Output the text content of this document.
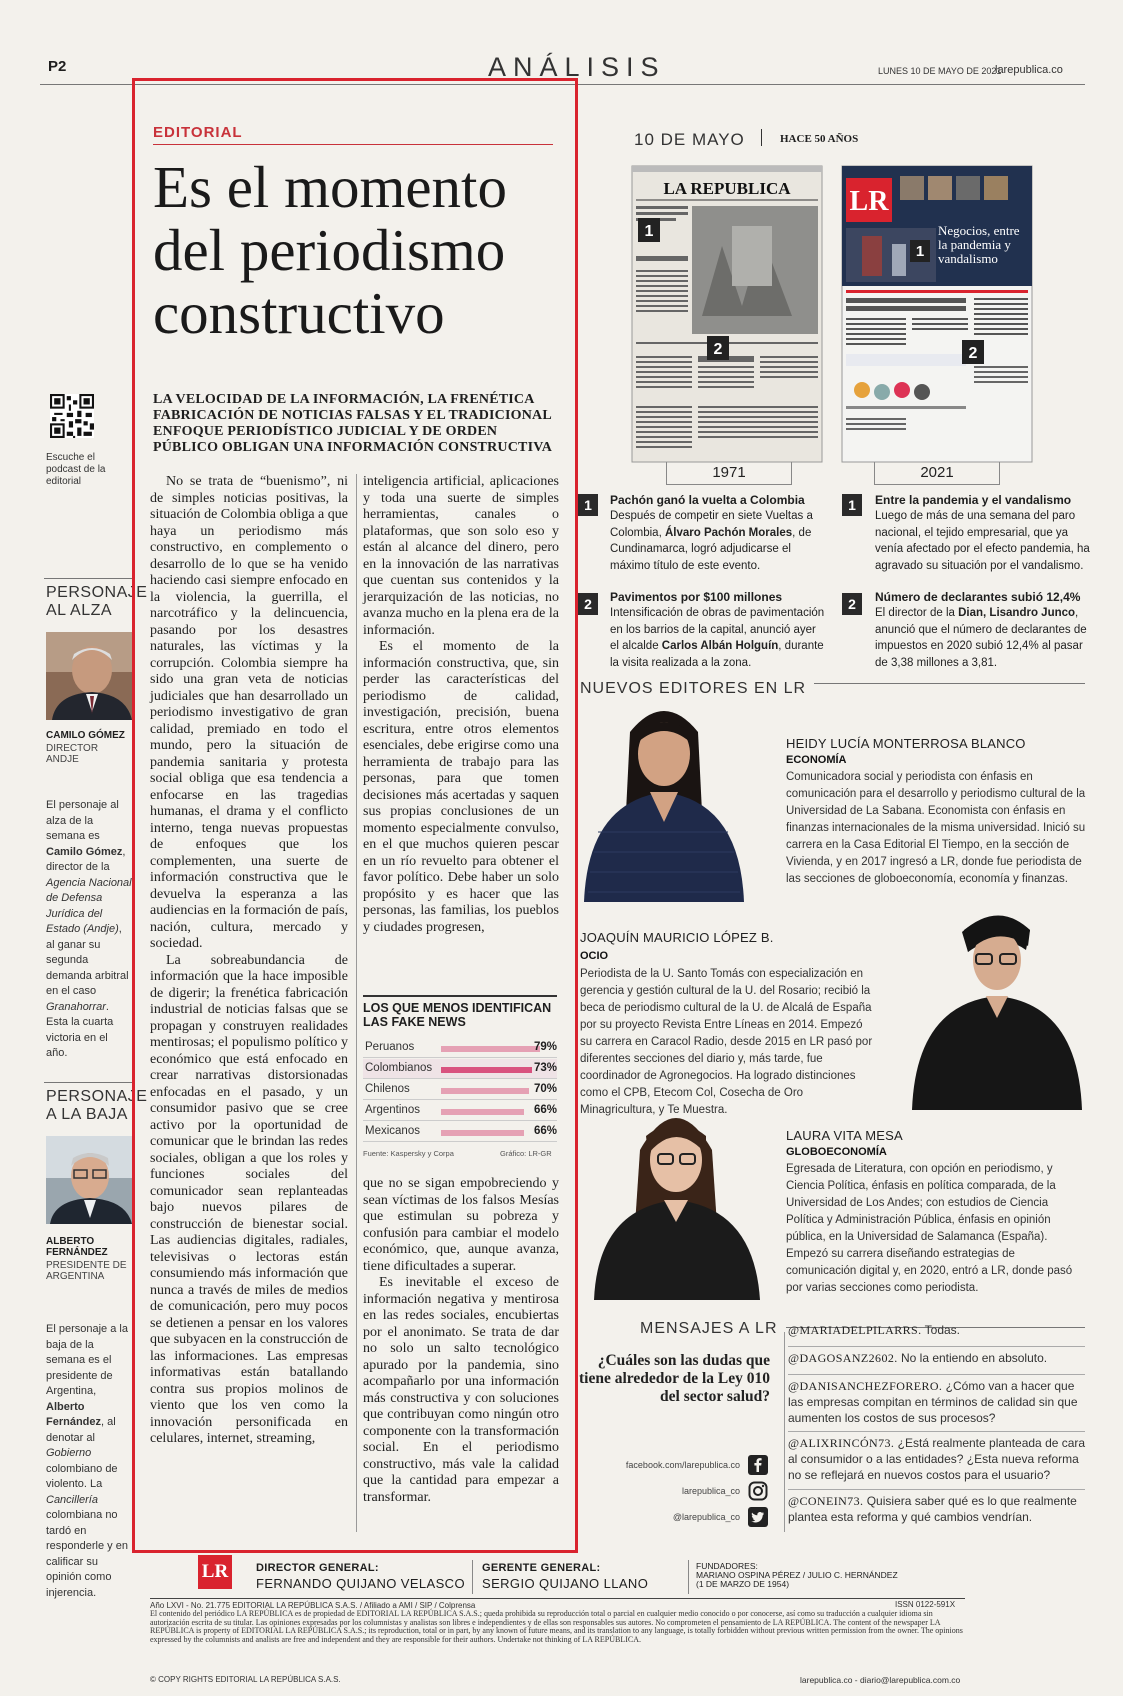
P2	ANÁLISIS	LUNES 10 DE MAYO DE 2021
larepublica.co
Escuche el podcast de la editorial
PERSONAJE AL ALZA
CAMILO GÓMEZ
DIRECTOR ANDJE
El personaje al alza de la semana es Camilo Gómez, director de la Agencia Nacional de Defensa Jurídica del Estado (Andje), al ganar su segunda demanda arbitral en el caso Granahorrar. Esta la cuarta victoria en el año.
PERSONAJE A LA BAJA
ALBERTO FERNÁNDEZ
PRESIDENTE DE ARGENTINA
El personaje a la baja de la semana es el presidente de Argentina, Alberto Fernández, al denotar al Gobierno colombiano de violento. La Cancillería colombiana no tardó en responderle y en calificar su opinión como injerencia.
EDITORIAL
Es el momento del periodismo constructivo
LA VELOCIDAD DE LA INFORMACIÓN, LA FRENÉTICA FABRICACIÓN DE NOTICIAS FALSAS Y EL TRADICIONAL ENFOQUE PERIODÍSTICO JUDICIAL Y DE ORDEN PÚBLICO OBLIGAN UNA INFORMACIÓN CONSTRUCTIVA

No se trata de “buenismo”, ni de simples noticias positivas, la situación de Colombia obliga a que haya un periodismo más constructivo, en complemento o desarrollo de lo que se ha venido haciendo casi siempre enfocado en la violencia, la guerrilla, el narcotráfico y la delincuencia, pasando por los desastres naturales, las víctimas y la corrupción. Colombia siempre ha sido una gran veta de noticias judiciales que han desarrollado un periodismo investigativo de gran calidad, premiado en todo el mundo, pero la situación de pandemia sanitaria y protesta social obliga que esa tendencia a enfocarse en las tragedias humanas, el drama y el conflicto interno, tenga nuevas propuestas de enfoques que los complementen, una suerte de información constructiva que le devuelva la esperanza a las audiencias en la formación de país, nación, cultura, mercado y sociedad.

La sobreabundancia de información que la hace imposible de digerir; la frenética fabricación industrial de noticias falsas que se propagan y construyen realidades mentirosas; el populismo político y económico que está enfocado en crear narrativas distorsionadas enfocadas en el pasado, y un consumidor pasivo que se cree activo por la oportunidad de comunicar que le brindan las redes sociales, obligan a que los roles y funciones sociales del comunicador sean replanteadas bajo nuevos pilares de construcción de bienestar social. Las audiencias digitales, radiales, televisivas o lectoras están consumiendo más información que nunca a través de miles de medios de comunicación, pero muy pocos se detienen a pensar en los valores que subyacen en la construcción de las informaciones. Las empresas informativas están batallando contra sus propios molinos de viento que los ven como la innovación personificada en celulares, internet, streaming,

inteligencia artificial, aplicaciones y toda una suerte de simples herramientas, canales o plataformas, que son solo eso y están al alcance del dinero, pero en la innovación de las narrativas que cuentan sus contenidos y la jerarquización de las noticias, no avanza mucho en la plena era de la información.

Es el momento de la información constructiva, que, sin perder las características del periodismo de calidad, investigación, precisión, buena escritura, entre otros elementos esenciales, debe erigirse como una herramienta de trabajo para las personas, para que tomen decisiones más acertadas y saquen sus propias conclusiones de un momento especialmente convulso, en el que muchos quieren pescar en un río revuelto para obtener el favor político. Debe haber un solo propósito y es hacer que las personas, las familias, los pueblos y ciudades progresen,

LOS QUE MENOS IDENTIFICAN LAS FAKE NEWS
Peruanos	79%
Colombianos	73%
Chilenos	70%
Argentinos	66%
Mexicanos	66%
Fuente: Kaspersky y Corpa	Gráfico: LR-GR

que no se sigan empobreciendo y sean víctimas de los falsos Mesías que estimulan su pobreza y confusión para cambiar el modelo económico, que, aunque avanza, tiene dificultades a superar.

Es inevitable el exceso de información negativa y mentirosa en las redes sociales, encubiertas por el anonimato. Se trata de dar no solo un salto tecnológico apurado por la pandemia, sino acompañarlo por una información más constructiva y con soluciones que contribuyan como ningún otro componente con la transformación social. En el periodismo constructivo, más vale la calidad que la cantidad para empezar a transformar.

10 DE MAYO	HACE 50 AÑOS
LA REPUBLICA
1
2
1971
LR
Negocios, entre la pandemia y vandalismo
1
2
2021
1	Pachón ganó la vuelta a Colombia
Después de competir en siete Vueltas a Colombia, Álvaro Pachón Morales, de Cundinamarca, logró adjudicarse el máximo título de este evento.
2	Pavimentos por $100 millones
Intensificación de obras de pavimentación en los barrios de la capital, anunció ayer el alcalde Carlos Albán Holguín, durante la visita realizada a la zona.
1	Entre la pandemia y el vandalismo
Luego de más de una semana del paro nacional, el tejido empresarial, que ya venía afectado por el efecto pandemia, ha agravado su situación por el vandalismo.
2	Número de declarantes subió 12,4%
El director de la Dian, Lisandro Junco, anunció que el número de declarantes de impuestos en 2020 subió 12,4% al pasar de 3,38 millones a 3,81.
NUEVOS EDITORES EN LR
HEIDY LUCÍA MONTERROSA BLANCO
ECONOMÍA
Comunicadora social y periodista con énfasis en comunicación para el desarrollo y periodismo cultural de la Universidad de La Sabana. Economista con énfasis en finanzas internacionales de la misma universidad. Inició su carrera en la Casa Editorial El Tiempo, en la sección de Vivienda, y en 2017 ingresó a LR, donde fue periodista de las secciones de globoeconomía, economía y finanzas.
JOAQUÍN MAURICIO LÓPEZ B.
OCIO
Periodista de la U. Santo Tomás con especialización en gerencia y gestión cultural de la U. del Rosario; recibió la beca de periodismo cultural de la U. de Alcalá de España por su proyecto Revista Entre Líneas en 2014. Empezó su carrera en Caracol Radio, desde 2015 en LR pasó por diferentes secciones del diario y, más tarde, fue coordinador de Agronegocios. Ha logrado distinciones como el CPB, Etecom Col, Cosecha de Oro Minagricultura, y Te Muestra.
LAURA VITA MESA
GLOBOECONOMÍA
Egresada de Literatura, con opción en periodismo, y Ciencia Política, énfasis en política comparada, de la Universidad de Los Andes; con estudios de Ciencia Política y Administración Pública, énfasis en opinión pública, en la Universidad de Salamanca (España). Empezó su carrera diseñando estrategias de comunicación digital y, en 2020, entró a LR, donde pasó por varias secciones como periodista.
MENSAJES A LR
¿Cuáles son las dudas que tiene alrededor de la Ley 010 del sector salud?
facebook.com/larepublica.co
larepublica_co
@larepublica_co
@MARIADELPILARRS. Todas.
@DAGOSANZ2602. No la entiendo en absoluto.
@DANISANCHEZFORERO. ¿Cómo van a hacer que las empresas compitan en términos de calidad sin que aumenten los costos de sus procesos?
@ALIXRINCÓN73. ¿Está realmente planteada de cara al consumidor o a las entidades? ¿Esta nueva reforma no se reflejará en nuevos costos para el usuario?
@CONEIN73. Quisiera saber qué es lo que realmente plantea esta reforma y qué cambios vendrían.
LR	DIRECTOR GENERAL:
FERNANDO QUIJANO VELASCO
GERENTE GENERAL:
SERGIO QUIJANO LLANO
FUNDADORES:
MARIANO OSPINA PÉREZ / JULIO C. HERNÁNDEZ
(1 DE MARZO DE 1954)
Año LXVI - No. 21.775 EDITORIAL LA REPÚBLICA S.A.S. / Afiliado a AMI / SIP / Colprensa	ISSN 0122-591X
El contenido del periódico LA REPÚBLICA es de propiedad de EDITORIAL LA REPÚBLICA S.A.S.; queda prohibida su reproducción total o parcial en cualquier medio conocido o por conocerse, así como su traducción a cualquier idioma sin autorización escrita de su titular. Las opiniones expresadas por los columnistas y analistas son libres e independientes y de ellas son responsables sus autores. No comprometen el pensamiento de LA REPÚBLICA. The content of the newspaper LA REPÚBLICA is property of EDITORIAL LA REPÚBLICA S.A.S.; its reproduction, total or in part, by any known of future means, and its translation to any language, is totally forbidden without previous written permission from the owner. The opinions expressed by the columnists and analists are free and independent and they are responsible for their authors. Undertake not thinking of LA REPÚBLICA.
© COPY RIGHTS EDITORIAL LA REPÚBLICA S.A.S.	larepublica.co - diario@larepublica.com.co
